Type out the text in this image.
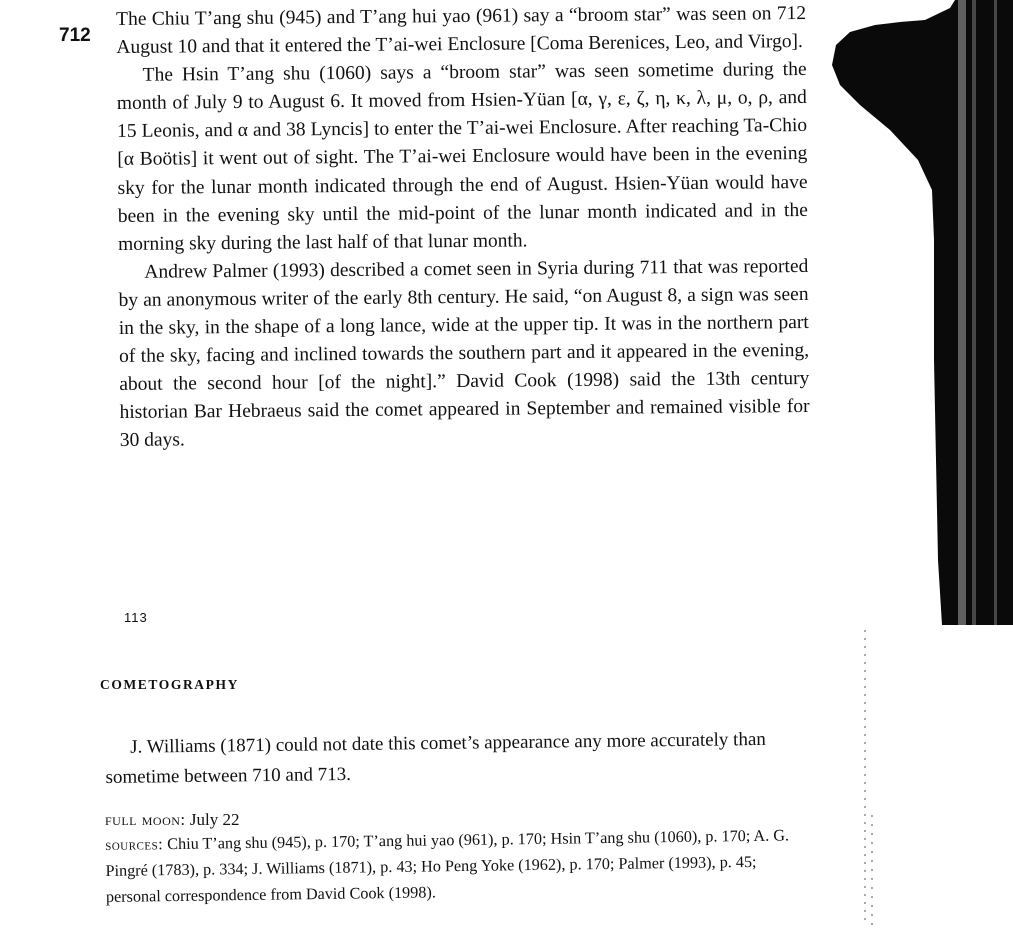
712

The Chiu T’ang shu (945) and T’ang hui yao (961) say a “broom star” was seen on 712 August 10 and that it entered the T’ai-wei Enclosure [Coma Berenices, Leo, and Virgo].

The Hsin T’ang shu (1060) says a “broom star” was seen sometime during the month of July 9 to August 6. It moved from Hsien-Yüan [α, γ, ε, ζ, η, κ, λ, μ, o, ρ, and 15 Leonis, and α and 38 Lyncis] to enter the T’ai-wei Enclosure. After reaching Ta-Chio [α Boötis] it went out of sight. The T’ai-wei Enclosure would have been in the evening sky for the lunar month indicated through the end of August. Hsien-Yüan would have been in the evening sky until the mid-point of the lunar month indicated and in the morning sky during the last half of that lunar month.

Andrew Palmer (1993) described a comet seen in Syria during 711 that was reported by an anonymous writer of the early 8th century. He said, “on August 8, a sign was seen in the sky, in the shape of a long lance, wide at the upper tip. It was in the northern part of the sky, facing and inclined towards the southern part and it appeared in the evening, about the second hour [of the night].” David Cook (1998) said the 13th century historian Bar Hebraeus said the comet appeared in September and remained visible for 30 days.

113
COMETOGRAPHY

J. Williams (1871) could not date this comet’s appearance any more accurately than sometime between 710 and 713.

full moon: July 22
sources: Chiu T’ang shu (945), p. 170; T’ang hui yao (961), p. 170; Hsin T’ang shu (1060), p. 170; A. G. Pingré (1783), p. 334; J. Williams (1871), p. 43; Ho Peng Yoke (1962), p. 170; Palmer (1993), p. 45; personal correspondence from David Cook (1998).
